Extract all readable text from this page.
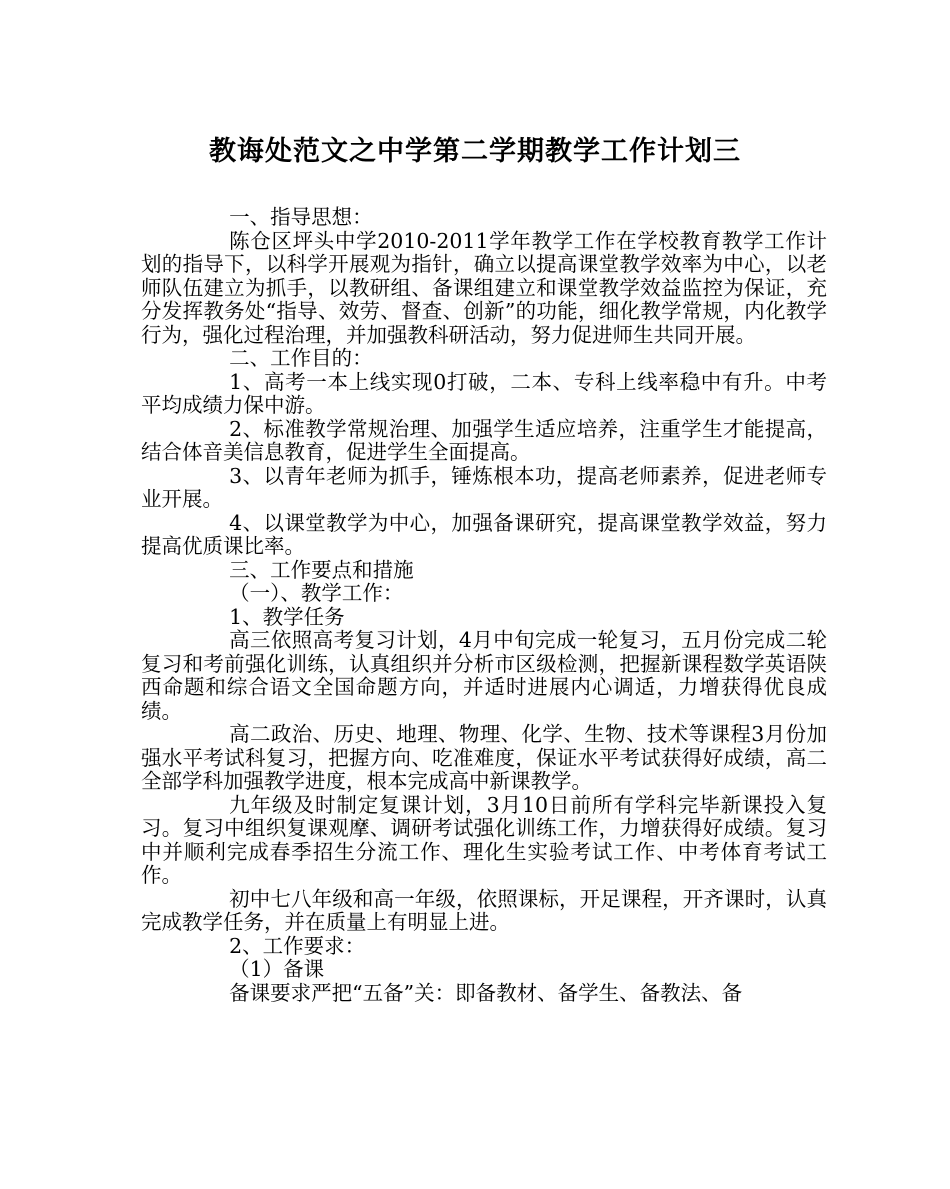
教诲处范文之中学第二学期教学工作计划三

一、指导思想：

陈仓区坪头中学2010-2011学年教学工作在学校教育教学工作计划的指导下，以科学开展观为指针，确立以提高课堂教学效率为中心，以老师队伍建立为抓手，以教研组、备课组建立和课堂教学效益监控为保证，充分发挥教务处“指导、效劳、督查、创新”的功能，细化教学常规，内化教学行为，强化过程治理，并加强教科研活动，努力促进师生共同开展。

二、工作目的：

1、高考一本上线实现0打破，二本、专科上线率稳中有升。中考平均成绩力保中游。

2、标准教学常规治理、加强学生适应培养，注重学生才能提高，结合体音美信息教育，促进学生全面提高。

3、以青年老师为抓手，锤炼根本功，提高老师素养，促进老师专业开展。

4、以课堂教学为中心，加强备课研究，提高课堂教学效益，努力提高优质课比率。

三、工作要点和措施

（一）、教学工作：

1、教学任务

高三依照高考复习计划，4月中旬完成一轮复习，五月份完成二轮复习和考前强化训练，认真组织并分析市区级检测，把握新课程数学英语陕西命题和综合语文全国命题方向，并适时进展内心调适，力增获得优良成绩。

高二政治、历史、地理、物理、化学、生物、技术等课程3月份加强水平考试科复习，把握方向、吃准难度，保证水平考试获得好成绩，高二全部学科加强教学进度，根本完成高中新课教学。

九年级及时制定复课计划，3月10日前所有学科完毕新课投入复习。复习中组织复课观摩、调研考试强化训练工作，力增获得好成绩。复习中并顺利完成春季招生分流工作、理化生实验考试工作、中考体育考试工作。

初中七八年级和高一年级，依照课标，开足课程，开齐课时，认真完成教学任务，并在质量上有明显上进。

2、工作要求：

（1）备课

备课要求严把“五备”关：即备教材、备学生、备教法、备
